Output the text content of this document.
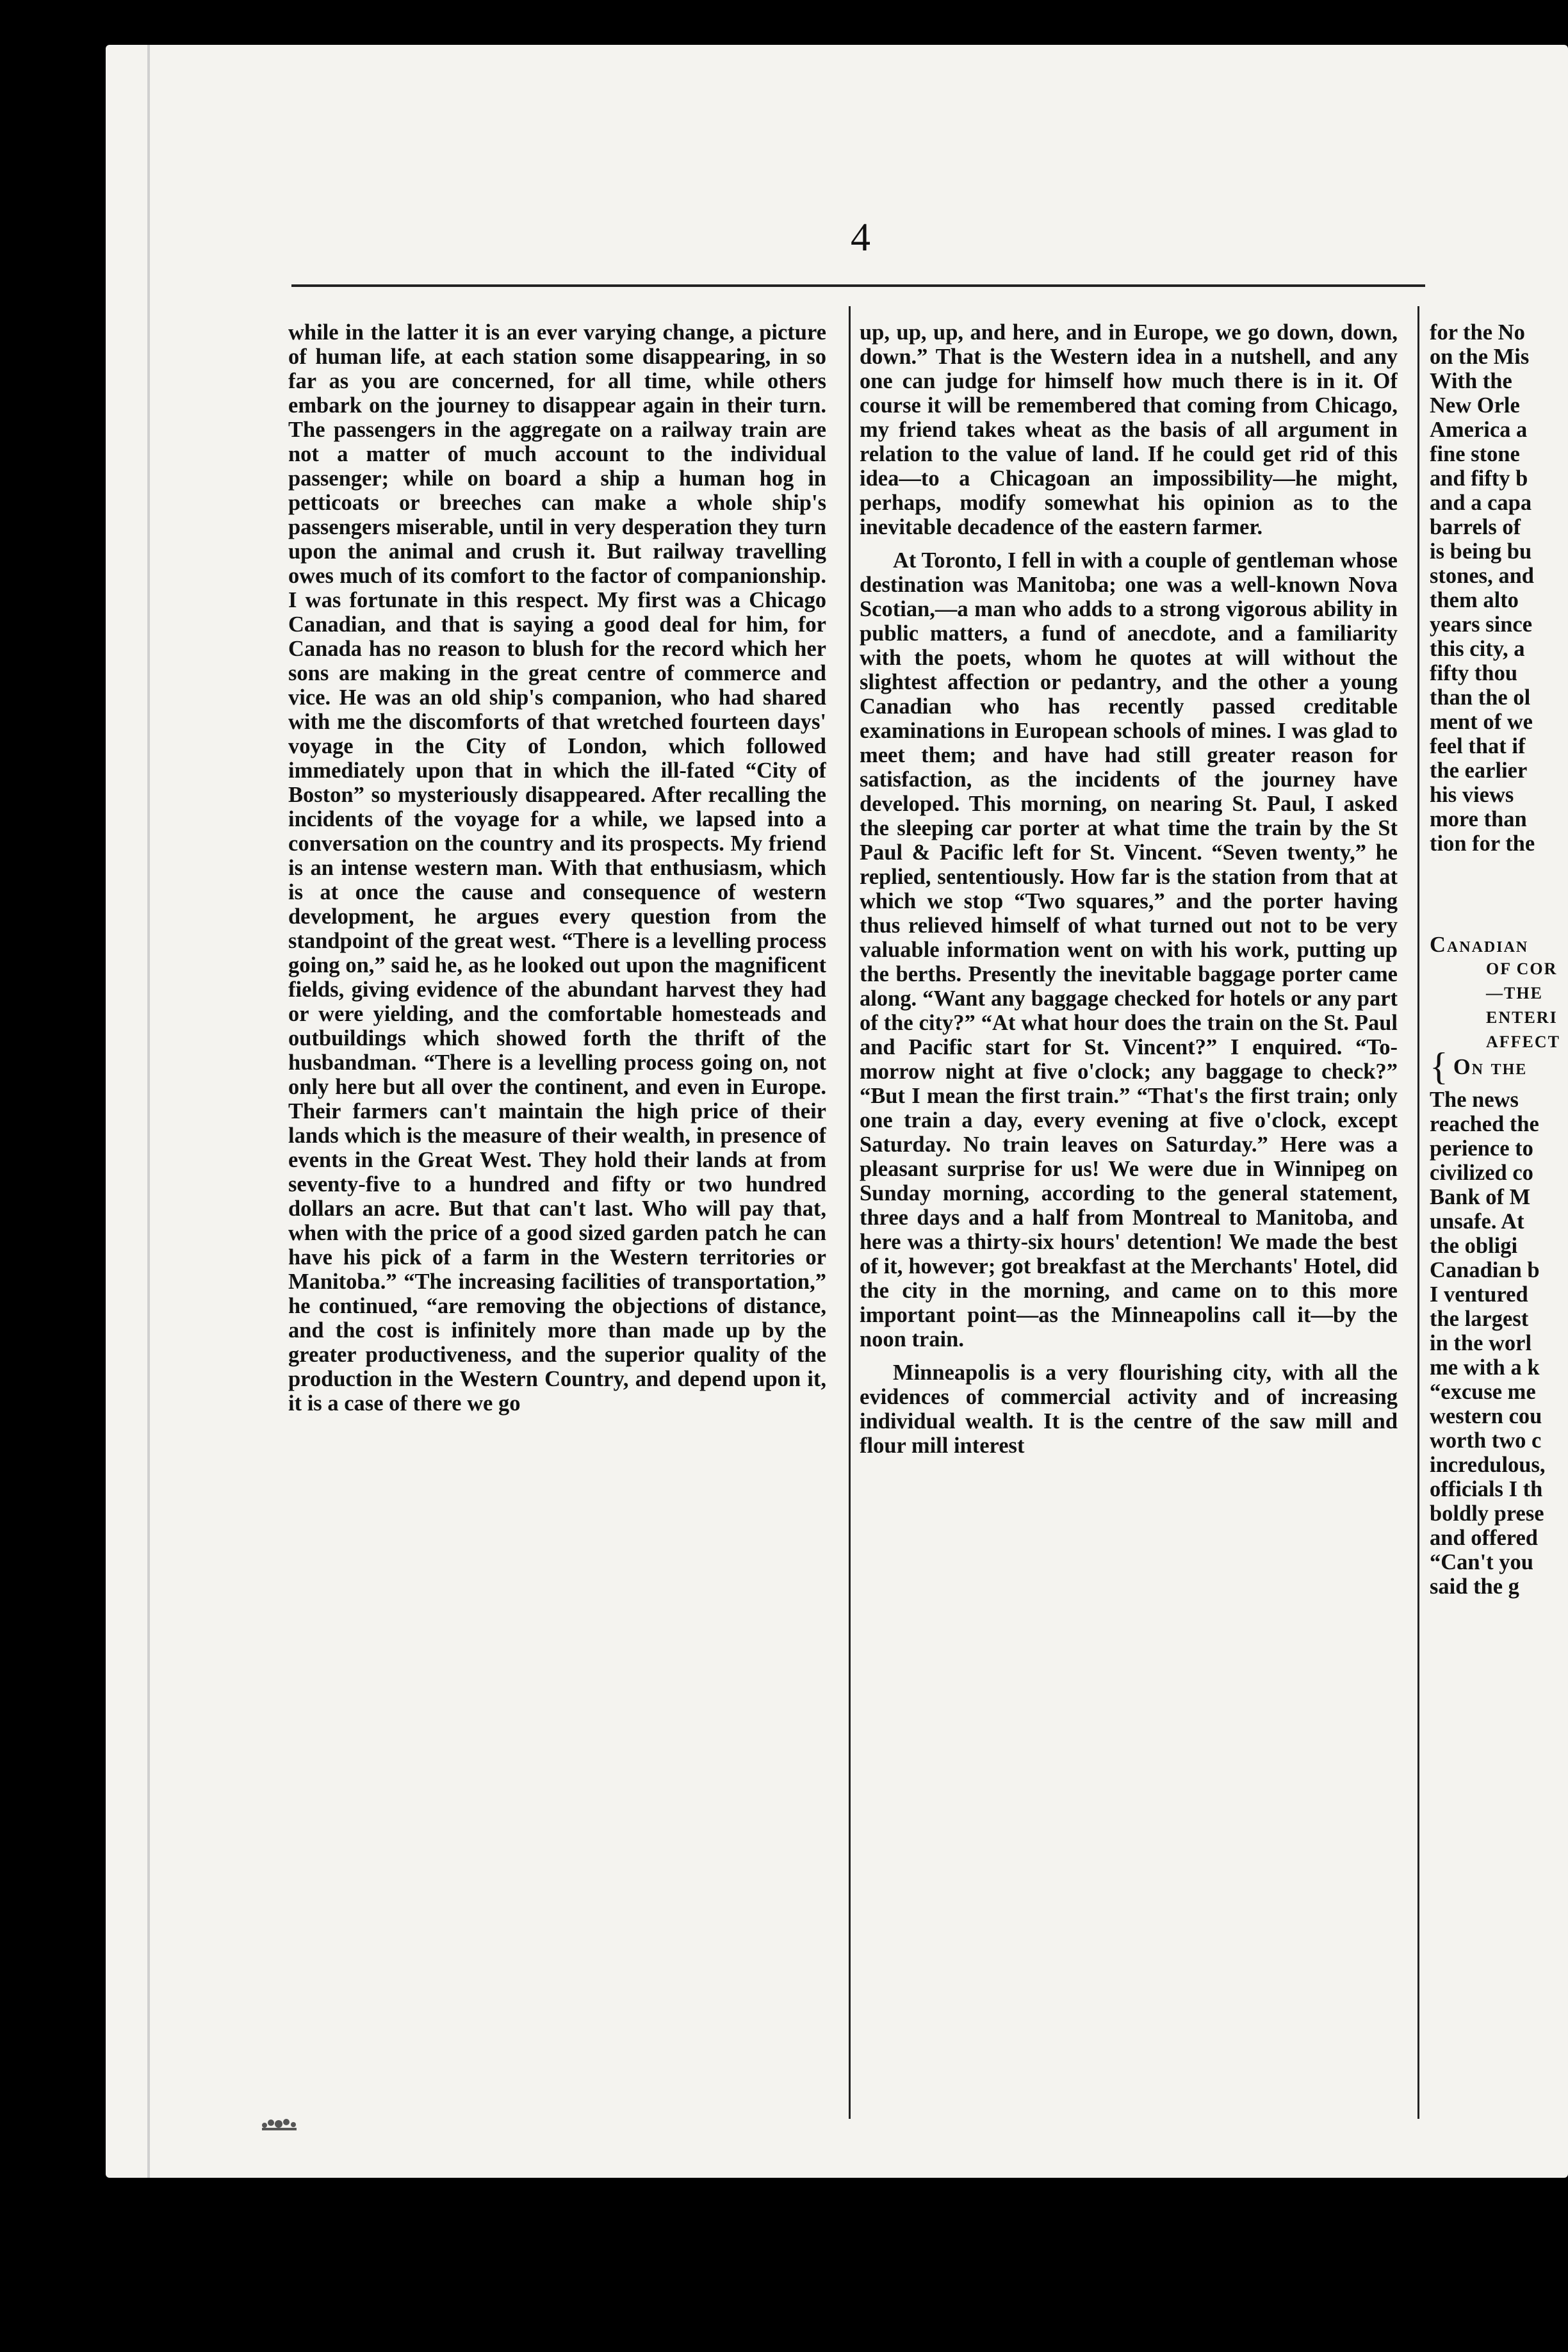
4

while in the latter it is an ever varying change, a picture of human life, at each station some disappearing, in so far as you are concerned, for all time, while others embark on the journey to disappear again in their turn. The passengers in the aggregate on a railway train are not a matter of much account to the individual passenger; while on board a ship a human hog in petticoats or breeches can make a whole ship's passengers miserable, until in very desperation they turn upon the animal and crush it. But railway travelling owes much of its comfort to the factor of companionship. I was fortunate in this respect. My first was a Chicago Canadian, and that is saying a good deal for him, for Canada has no reason to blush for the record which her sons are making in the great centre of commerce and vice. He was an old ship's companion, who had shared with me the discomforts of that wretched fourteen days' voyage in the City of London, which followed immediately upon that in which the ill-fated “City of Boston” so mysteriously disappeared. After recalling the incidents of the voyage for a while, we lapsed into a conversation on the country and its prospects. My friend is an intense western man. With that enthusiasm, which is at once the cause and consequence of western development, he argues every question from the standpoint of the great west. “There is a levelling process going on,” said he, as he looked out upon the magnificent fields, giving evidence of the abundant harvest they had or were yielding, and the comfortable homesteads and outbuildings which showed forth the thrift of the husbandman. “There is a levelling process going on, not only here but all over the continent, and even in Europe. Their farmers can't maintain the high price of their lands which is the measure of their wealth, in presence of events in the Great West. They hold their lands at from seventy-five to a hundred and fifty or two hundred dollars an acre. But that can't last. Who will pay that, when with the price of a good sized garden patch he can have his pick of a farm in the Western territories or Manitoba.” “The increasing facilities of transportation,” he continued, “are removing the objections of distance, and the cost is infinitely more than made up by the greater productiveness, and the superior quality of the production in the Western Country, and depend upon it, it is a case of there we go

up, up, up, and here, and in Europe, we go down, down, down.” That is the Western idea in a nutshell, and any one can judge for himself how much there is in it. Of course it will be remembered that coming from Chicago, my friend takes wheat as the basis of all argument in relation to the value of land. If he could get rid of this idea—to a Chicagoan an impossibility—he might, perhaps, modify somewhat his opinion as to the inevitable decadence of the eastern farmer.

At Toronto, I fell in with a couple of gentleman whose destination was Manitoba; one was a well-known Nova Scotian,—a man who adds to a strong vigorous ability in public matters, a fund of anecdote, and a familiarity with the poets, whom he quotes at will without the slightest affection or pedantry, and the other a young Canadian who has recently passed creditable examinations in European schools of mines. I was glad to meet them; and have had still greater reason for satisfaction, as the incidents of the journey have developed. This morning, on nearing St. Paul, I asked the sleeping car porter at what time the train by the St Paul & Pacific left for St. Vincent. “Seven twenty,” he replied, sententiously. How far is the station from that at which we stop “Two squares,” and the porter having thus relieved himself of what turned out not to be very valuable information went on with his work, putting up the berths. Presently the inevitable baggage porter came along. “Want any baggage checked for hotels or any part of the city?” “At what hour does the train on the St. Paul and Pacific start for St. Vincent?” I enquired. “To-morrow night at five o'clock; any baggage to check?” “But I mean the first train.” “That's the first train; only one train a day, every evening at five o'clock, except Saturday. No train leaves on Saturday.” Here was a pleasant surprise for us! We were due in Winnipeg on Sunday morning, according to the general statement, three days and a half from Montreal to Manitoba, and here was a thirty-six hours' detention! We made the best of it, however; got breakfast at the Merchants' Hotel, did the city in the morning, and came on to this more important point—as the Minneapolins call it—by the noon train.

Minneapolis is a very flourishing city, with all the evidences of commercial activity and of increasing individual wealth. It is the centre of the saw mill and flour mill interest

for the No
on the Mis
With the
New Orle
America a
fine stone
and fifty b
and a capa
barrels of
is being bu
stones, and
them alto
years since
this city, a
fifty thou
than the ol
ment of we
feel that if
the earlier
his views
more than
tion for the
Canadian
OF COR
—THE
ENTERI
AFFECT
{ On the
The news
reached the
perience to
civilized co
Bank of M
unsafe. At
the obligi
Canadian b
I ventured
the largest
in the worl
me with a k
“excuse me
western cou
worth two c
incredulous,
officials I th
boldly prese
and offered
“Can't you
said the g
